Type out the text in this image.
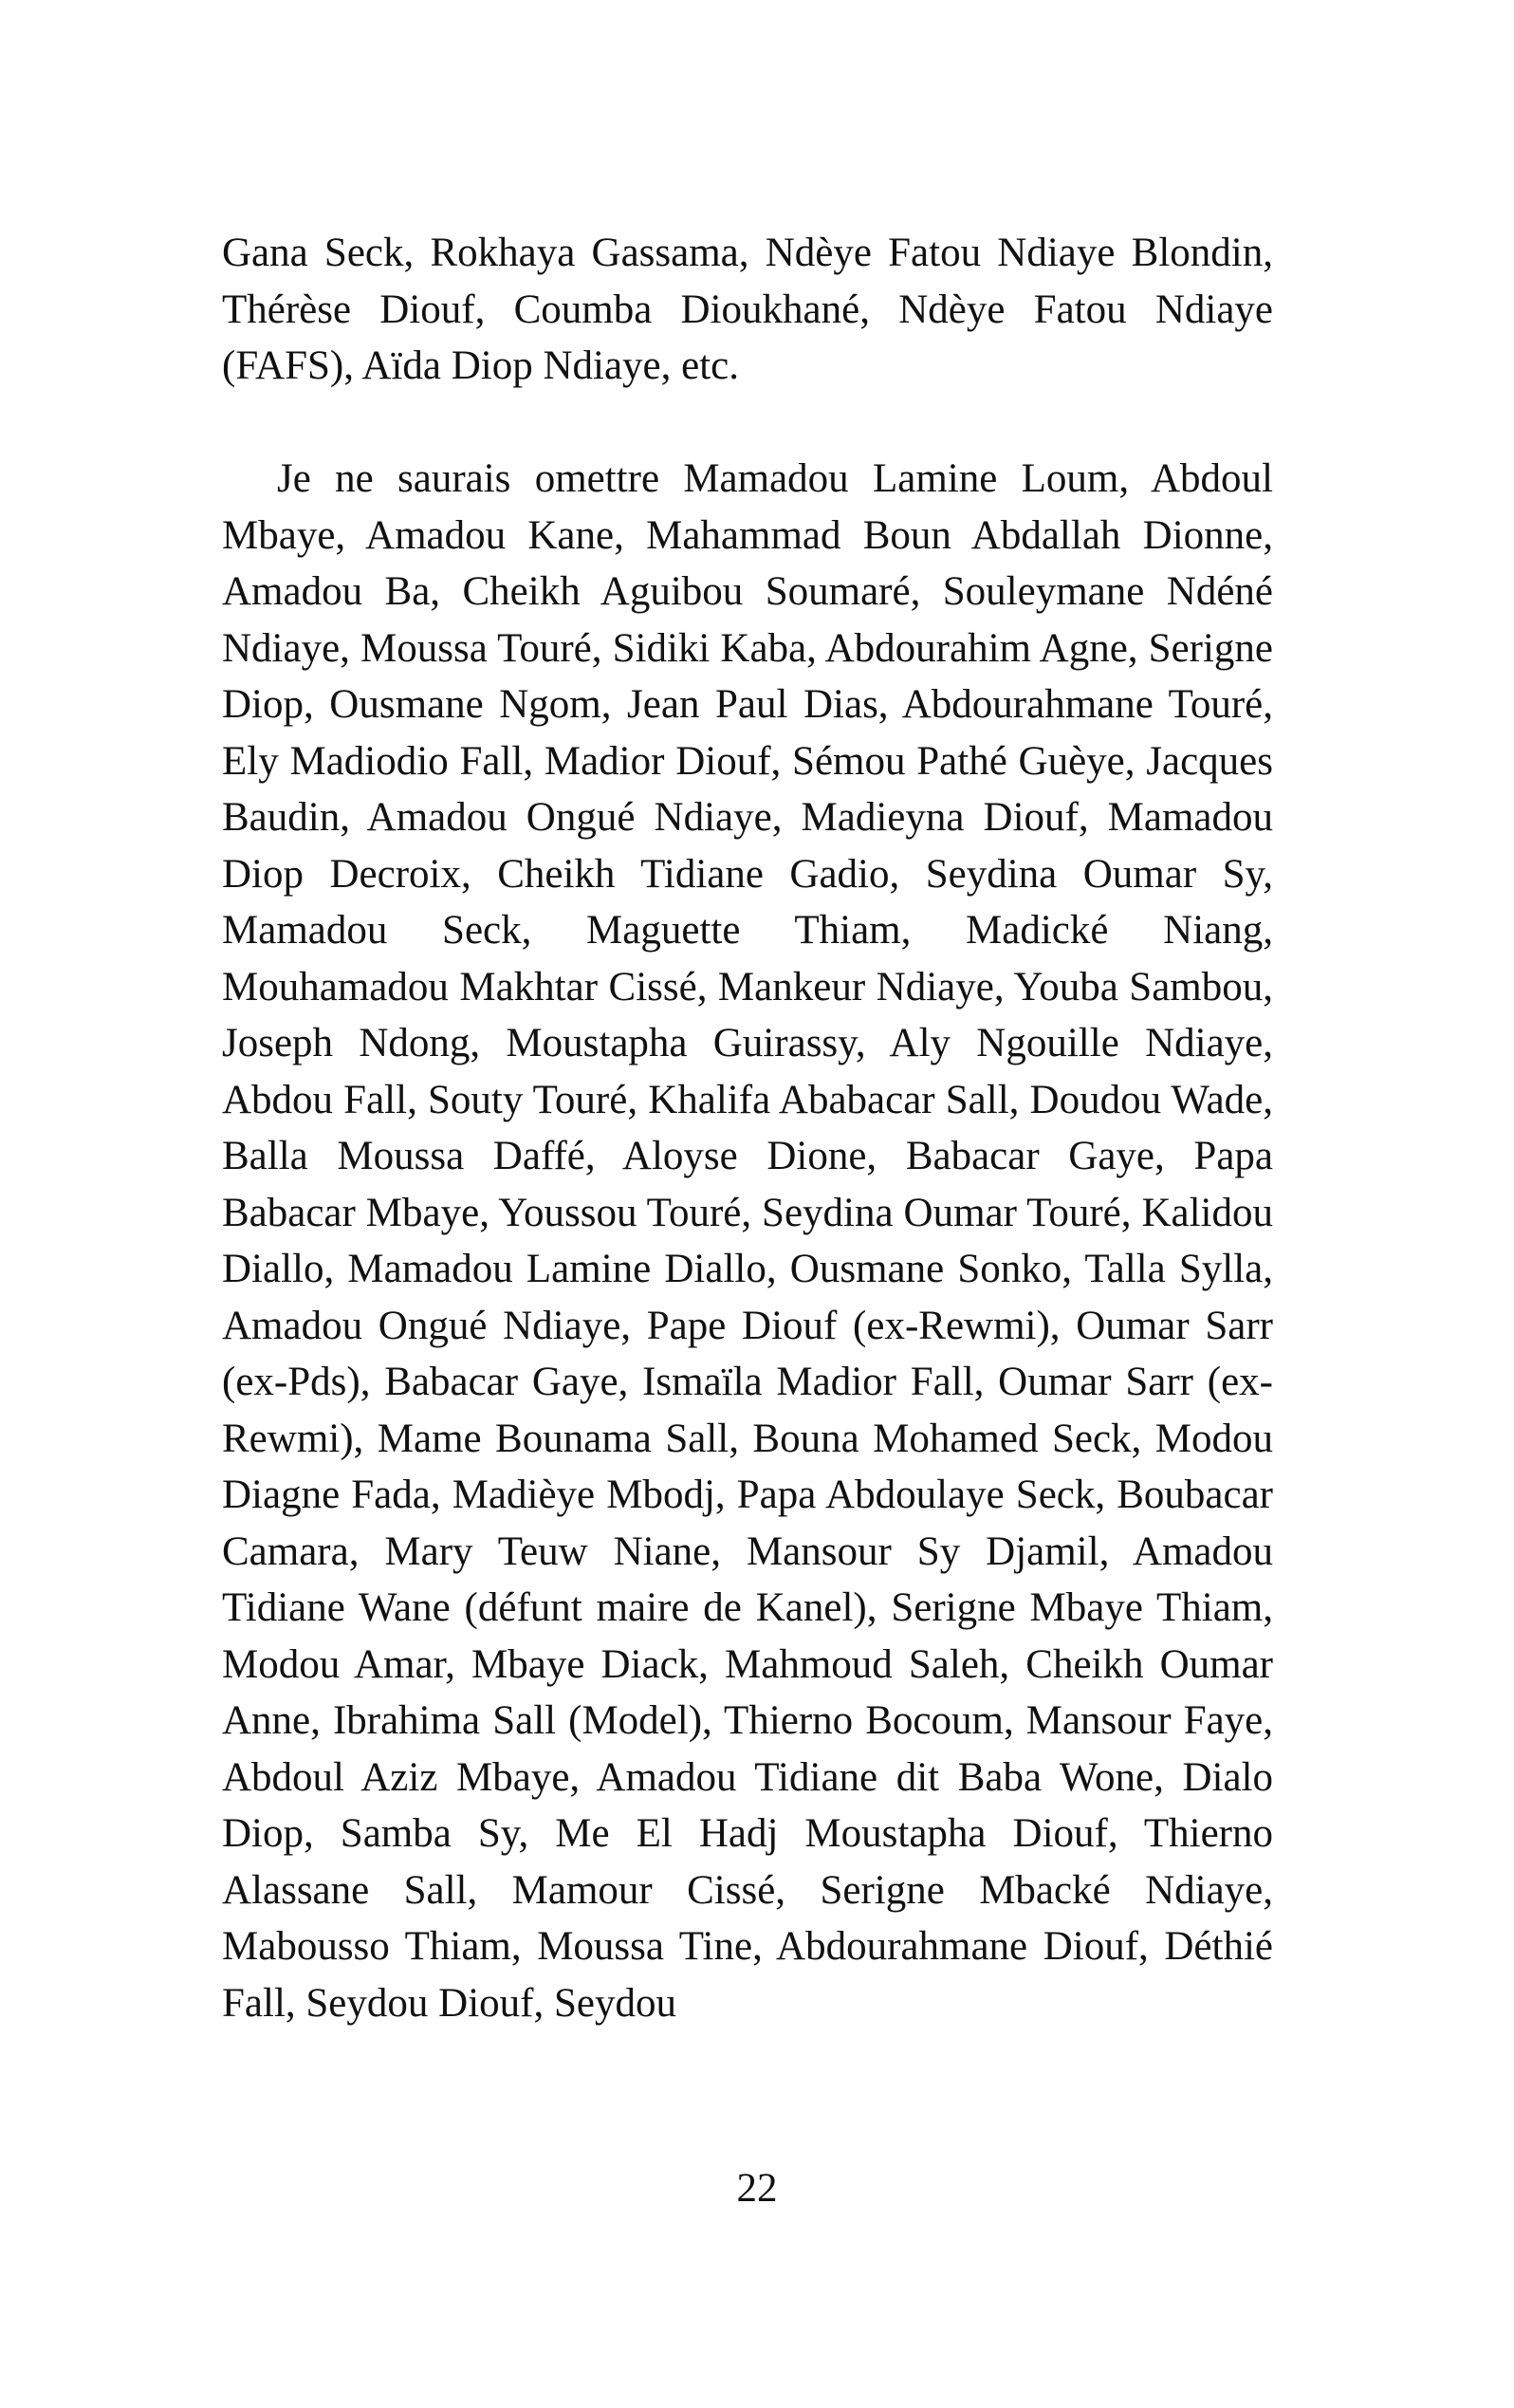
Gana Seck, Rokhaya Gassama, Ndèye Fatou Ndiaye Blondin, Thérèse Diouf, Coumba Dioukhané, Ndèye Fatou Ndiaye (FAFS), Aïda Diop Ndiaye, etc.

Je ne saurais omettre Mamadou Lamine Loum, Abdoul Mbaye, Amadou Kane, Mahammad Boun Abdallah Dionne, Amadou Ba, Cheikh Aguibou Soumaré, Souleymane Ndéné Ndiaye, Moussa Touré, Sidiki Kaba, Abdourahim Agne, Serigne Diop, Ousmane Ngom, Jean Paul Dias, Abdourahmane Touré, Ely Madiodio Fall, Madior Diouf, Sémou Pathé Guèye, Jacques Baudin, Amadou Ongué Ndiaye, Madieyna Diouf, Mamadou Diop Decroix, Cheikh Tidiane Gadio, Seydina Oumar Sy, Mamadou Seck, Maguette Thiam, Madické Niang, Mouhamadou Makhtar Cissé, Mankeur Ndiaye, Youba Sambou, Joseph Ndong, Moustapha Guirassy, Aly Ngouille Ndiaye, Abdou Fall, Souty Touré, Khalifa Ababacar Sall, Doudou Wade, Balla Moussa Daffé, Aloyse Dione, Babacar Gaye, Papa Babacar Mbaye, Youssou Touré, Seydina Oumar Touré, Kalidou Diallo, Mamadou Lamine Diallo, Ousmane Sonko, Talla Sylla, Amadou Ongué Ndiaye, Pape Diouf (ex-Rewmi), Oumar Sarr (ex-Pds), Babacar Gaye, Ismaïla Madior Fall, Oumar Sarr (ex-Rewmi), Mame Bounama Sall, Bouna Mohamed Seck, Modou Diagne Fada, Madièye Mbodj, Papa Abdoulaye Seck, Boubacar Camara, Mary Teuw Niane, Mansour Sy Djamil, Amadou Tidiane Wane (défunt maire de Kanel), Serigne Mbaye Thiam, Modou Amar, Mbaye Diack, Mahmoud Saleh, Cheikh Oumar Anne, Ibrahima Sall (Model), Thierno Bocoum, Mansour Faye, Abdoul Aziz Mbaye, Amadou Tidiane dit Baba Wone, Dialo Diop, Samba Sy, Me El Hadj Moustapha Diouf, Thierno Alassane Sall, Mamour Cissé, Serigne Mbacké Ndiaye, Mabousso Thiam, Moussa Tine, Abdourahmane Diouf, Déthié Fall, Seydou Diouf, Seydou

22
